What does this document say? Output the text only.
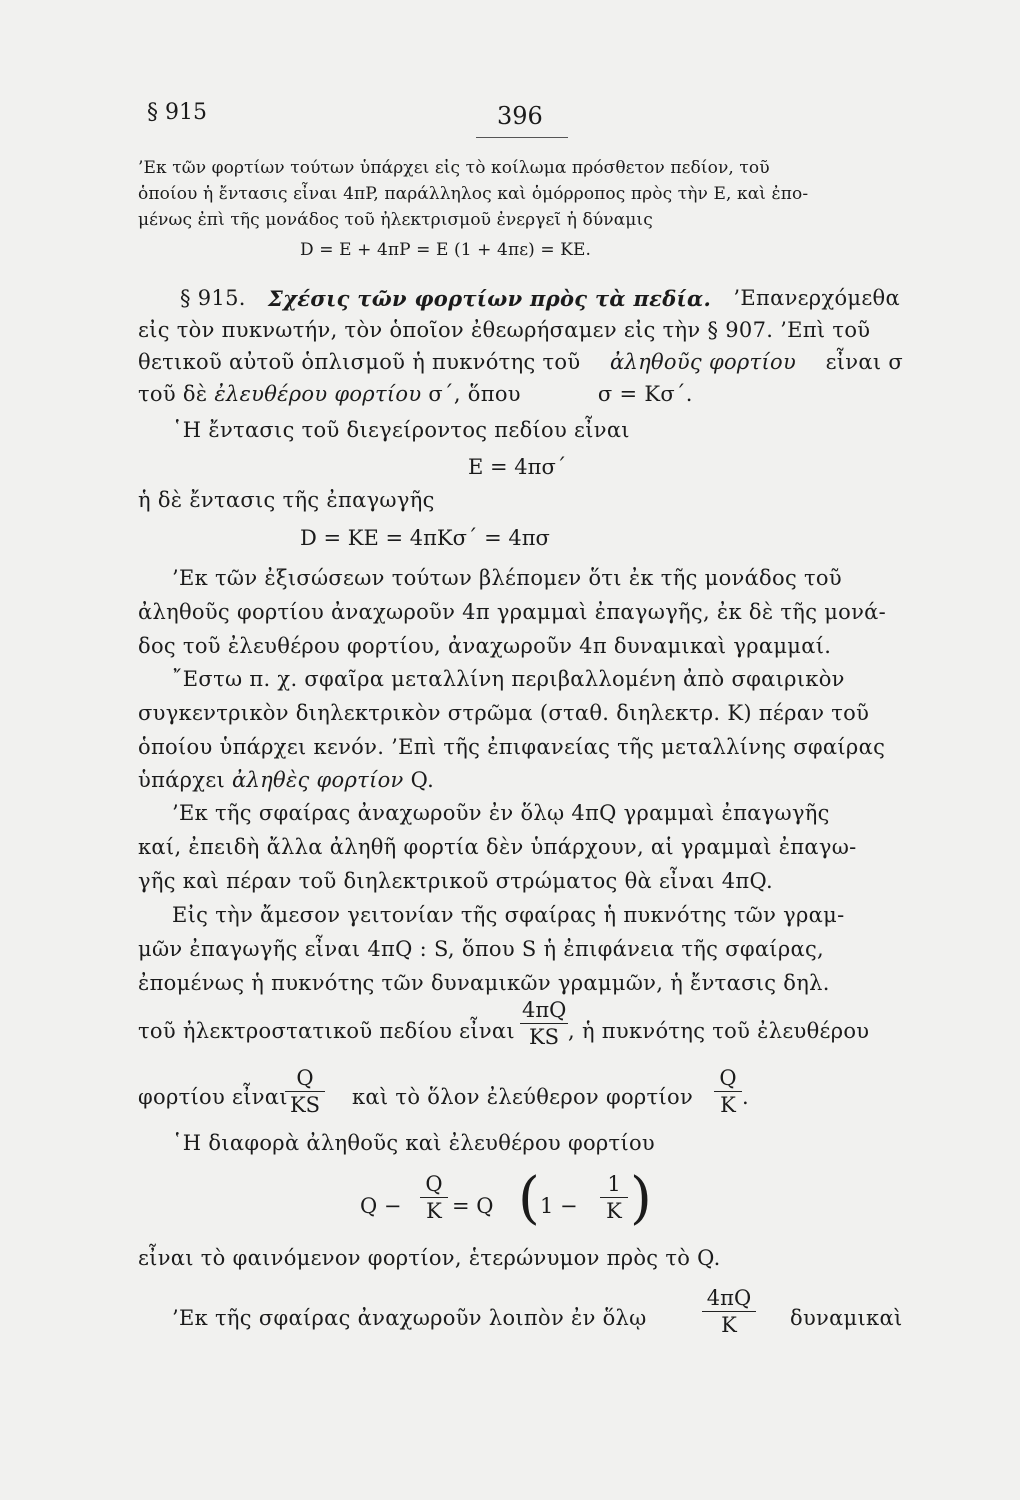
§ 915	396
’Εκ τῶν φορτίων τούτων ὑπάρχει εἰς τὸ κοίλωμα πρόσθετον πεδίον, τοῦ
ὁποίου ἡ ἔντασις εἶναι 4πP, παράλληλος καὶ ὁμόρροπος πρὸς τὴν E, καὶ ἐπο-
μένως ἐπὶ τῆς μονάδος τοῦ ἠλεκτρισμοῦ ἐνεργεῖ ἡ δύναμις
D = E + 4πP = E (1 + 4πε) = KE.
§ 915. Σχέσις τῶν φορτίων πρὸς τὰ πεδία. ’Επανερχόμεθα
εἰς τὸν πυκνωτήν, τὸν ὁποῖον ἐθεωρήσαμεν εἰς τὴν § 907. ’Επὶ τοῦ
θετικοῦ αὐτοῦ ὁπλισμοῦ ἡ πυκνότης τοῦ ἀληθοῦς φορτίου εἶναι σ
τοῦ δὲ ἐλευθέρου φορτίου σ΄, ὅπου	σ = Kσ΄.
῾Η ἔντασις τοῦ διεγείροντος πεδίου εἶναι
E = 4πσ΄
ἡ δὲ ἔντασις τῆς ἐπαγωγῆς
D = KE = 4πKσ΄ = 4πσ
’Εκ τῶν ἐξισώσεων τούτων βλέπομεν ὅτι ἐκ τῆς μονάδος τοῦ
ἀληθοῦς φορτίου ἀναχωροῦν 4π γραμμαὶ ἐπαγωγῆς, ἐκ δὲ τῆς μονά-
δος τοῦ ἐλευθέρου φορτίου, ἀναχωροῦν 4π δυναμικαὶ γραμμαί.
῎Εστω π. χ. σφαῖρα μεταλλίνη περιβαλλομένη ἀπὸ σφαιρικὸν
συγκεντρικὸν διηλεκτρικὸν στρῶμα (σταθ. διηλεκτρ. K) πέραν τοῦ
ὁποίου ὑπάρχει κενόν. ’Επὶ τῆς ἐπιφανείας τῆς μεταλλίνης σφαίρας
ὑπάρχει ἀληθὲς φορτίον Q.
’Εκ τῆς σφαίρας ἀναχωροῦν ἐν ὅλῳ 4πQ γραμμαὶ ἐπαγωγῆς
καί, ἐπειδὴ ἄλλα ἀληθῆ φορτία δὲν ὑπάρχουν, αἱ γραμμαὶ ἐπαγω-
γῆς καὶ πέραν τοῦ διηλεκτρικοῦ στρώματος θὰ εἶναι 4πQ.
Εἰς τὴν ἄμεσον γειτονίαν τῆς σφαίρας ἡ πυκνότης τῶν γραμ-
μῶν ἐπαγωγῆς εἶναι 4πQ : S, ὅπου S ἡ ἐπιφάνεια τῆς σφαίρας,
ἐπομένως ἡ πυκνότης τῶν δυναμικῶν γραμμῶν, ἡ ἔντασις δηλ.
τοῦ ἠλεκτροστατικοῦ πεδίου εἶναι
4πQ
KS , ἡ πυκνότης τοῦ ἐλευθέρου
φορτίου εἶναι
Q
KS καὶ τὸ ὅλον ἐλεύθερον φορτίον
Q
K .
῾Η διαφορὰ ἀληθοῦς καὶ ἐλευθέρου φορτίου
Q −
Q
K = Q ( 1 −
1
K )
εἶναι τὸ φαινόμενον φορτίον, ἑτερώνυμον πρὸς τὸ Q.
’Εκ τῆς σφαίρας ἀναχωροῦν λοιπὸν ἐν ὅλῳ
4πQ
K	δυναμικαὶ
